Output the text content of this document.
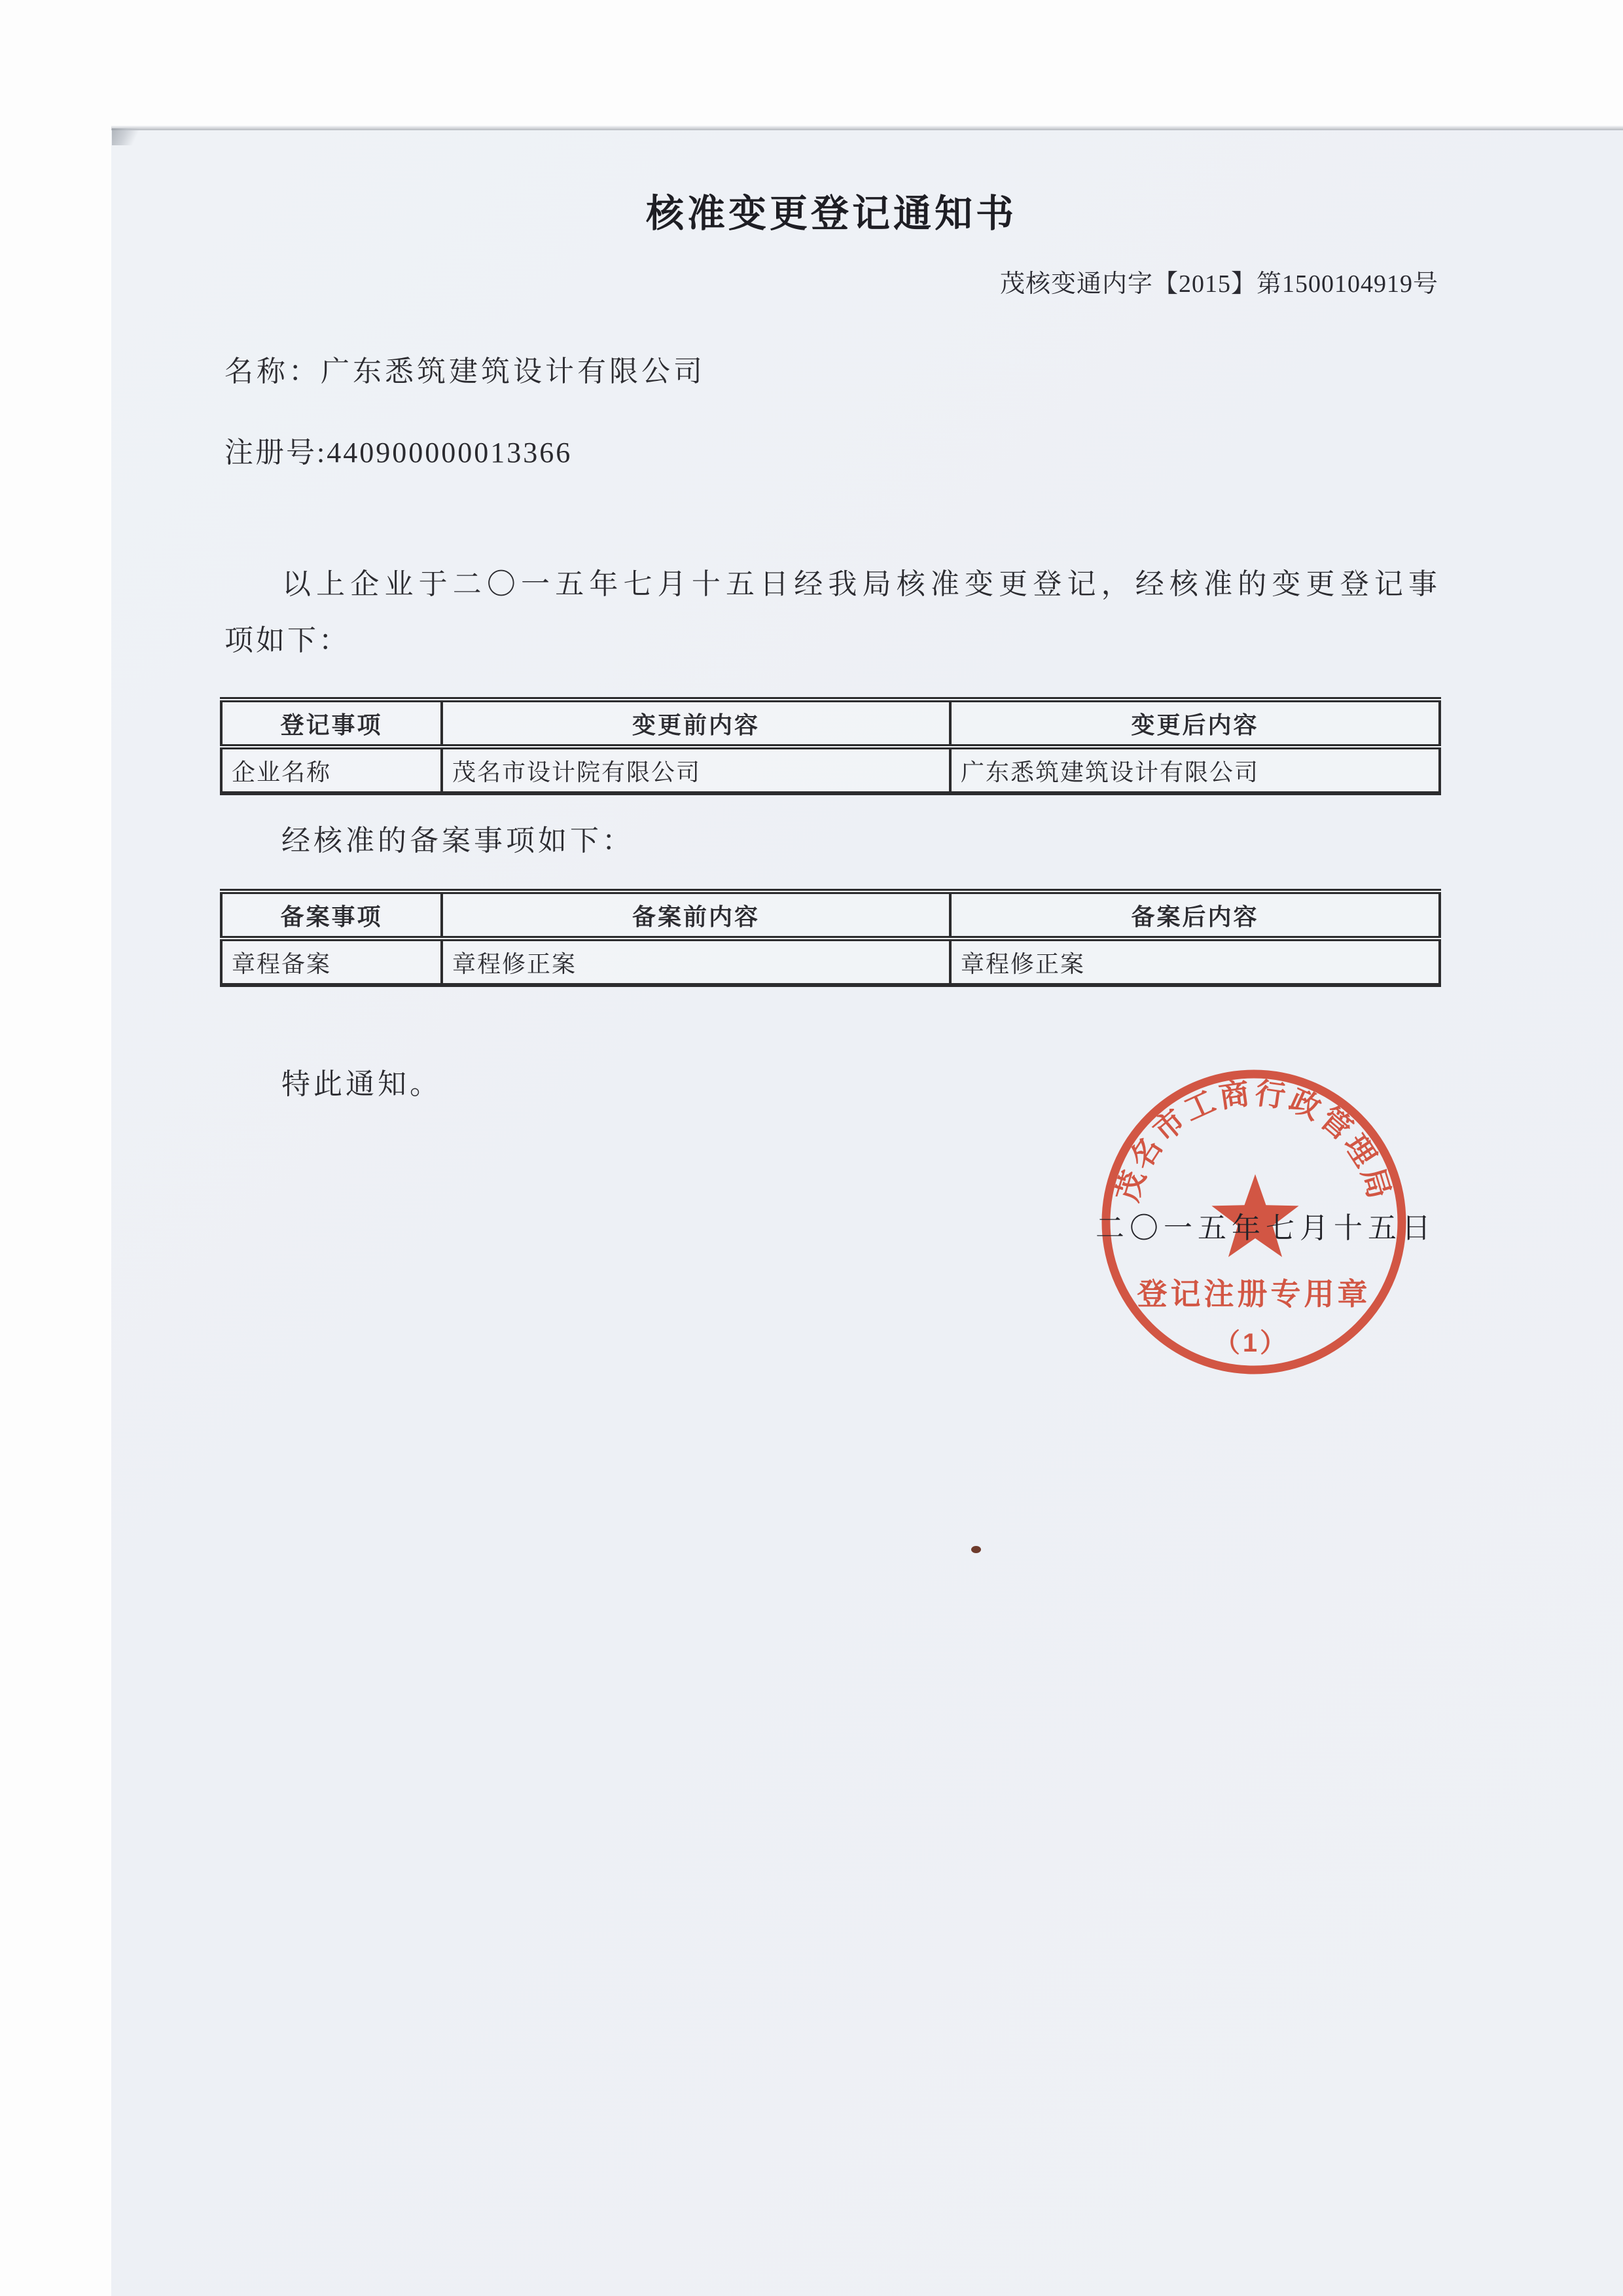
核准变更登记通知书
茂核变通内字【2015】第1500104919号
名称：广东悉筑建筑设计有限公司
注册号:440900000013366
以上企业于二〇一五年七月十五日经我局核准变更登记，经核准的变更登记事
项如下：
登记事项	变更前内容	变更后内容
企业名称	茂名市设计院有限公司	广东悉筑建筑设计有限公司
经核准的备案事项如下：
备案事项	备案前内容	备案后内容
章程备案	章程修正案	章程修正案
特此通知。
茂名市工商行政管理局
登记注册专用章
（1）
二〇一五年七月十五日
